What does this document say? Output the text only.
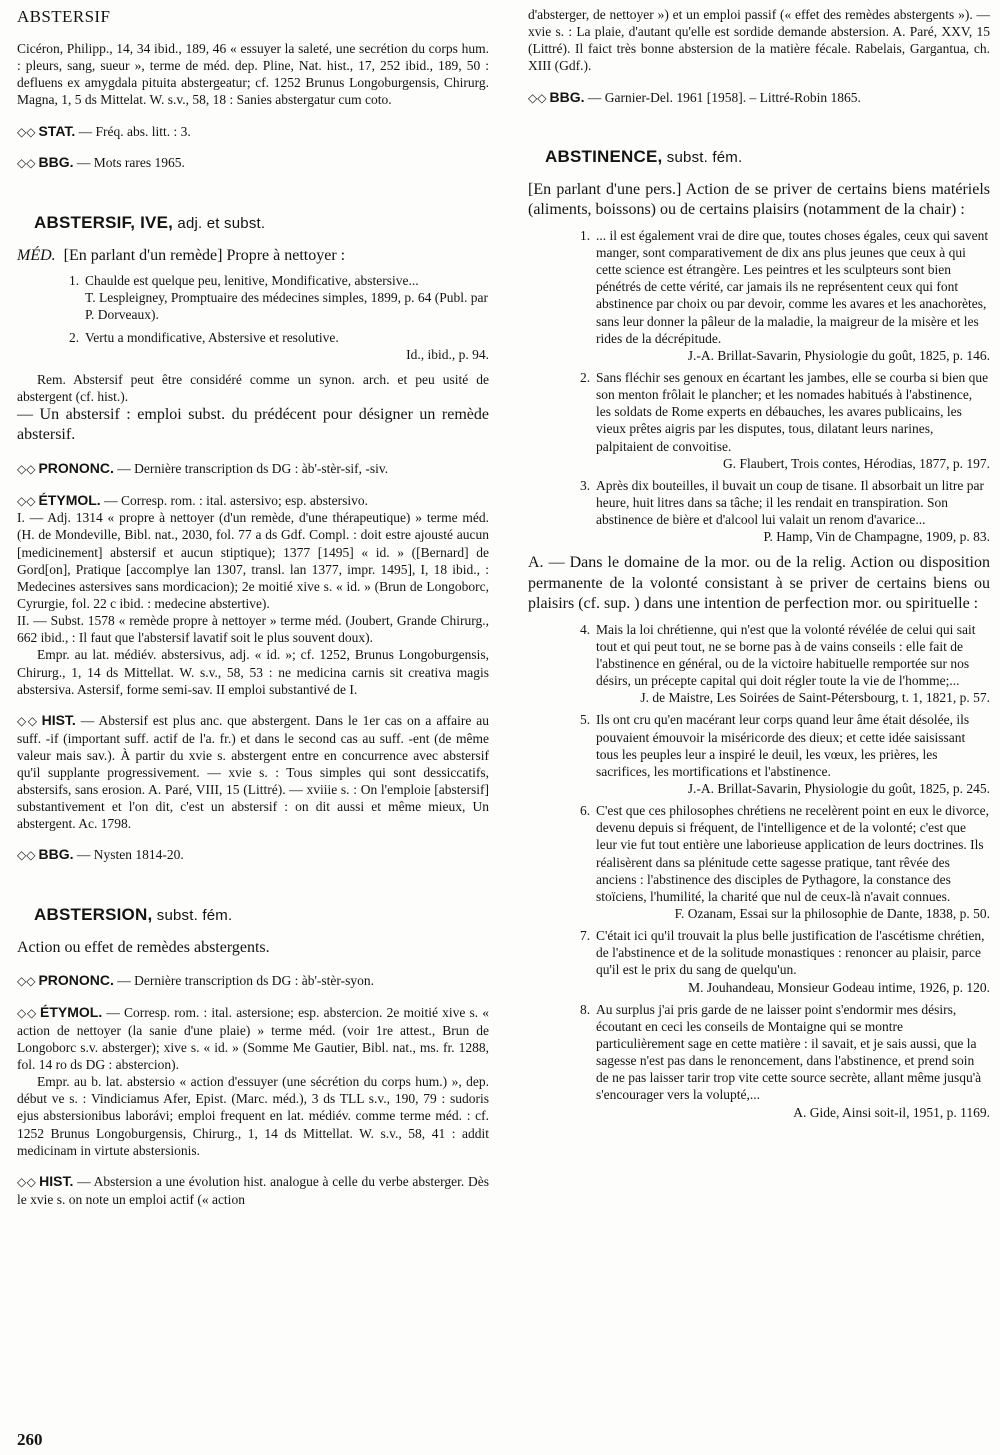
ABSTERSIF

Cicéron, Philipp., 14, 34 ibid., 189, 46 « essuyer la saleté, une secrétion du corps hum. : pleurs, sang, sueur », terme de méd. dep. Pline, Nat. hist., 17, 252 ibid., 189, 50 : defluens ex amygdala pituita abstergeatur; cf. 1252 Brunus Longoburgensis, Chirurg. Magna, 1, 5 ds Mittelat. W. s.v., 58, 18 : Sanies abstergatur cum coto.

◇◇ STAT. — Fréq. abs. litt. : 3.

◇◇ BBG. — Mots rares 1965.

ABSTERSIF, IVE, adj. et subst.

MÉD. [En parlant d'un remède] Propre à nettoyer :

1. Chaulde est quelque peu, lenitive, Mondificative, abstersive...
T. Lespleigney, Promptuaire des médecines simples, 1899, p. 64 (Publ. par P. Dorveaux).
2. Vertu a mondificative, Abstersive et resolutive.
Id., ibid., p. 94.

Rem. Abstersif peut être considéré comme un synon. arch. et peu usité de abstergent (cf. hist.).

— Un abstersif : emploi subst. du prédécent pour désigner un remède abstersif.

◇◇ PRONONC. — Dernière transcription ds DG : àb'-stèr-sif, -siv.

◇◇ ÉTYMOL. — Corresp. rom. : ital. astersivo; esp. abstersivo.

I. — Adj. 1314 « propre à nettoyer (d'un remède, d'une thérapeutique) » terme méd. (H. de Mondeville, Bibl. nat., 2030, fol. 77 a ds Gdf. Compl. : doit estre ajousté aucun [medicinement] abstersif et aucun stiptique); 1377 [1495] « id. » ([Bernard] de Gord[on], Pratique [accomplye lan 1307, transl. lan 1377, impr. 1495], I, 18 ibid., : Medecines astersives sans mordicacion); 2e moitié xive s. « id. » (Brun de Longoborc, Cyrurgie, fol. 22 c ibid. : medecine abstertive).

II. — Subst. 1578 « remède propre à nettoyer » terme méd. (Joubert, Grande Chirurg., 662 ibid., : Il faut que l'abstersif lavatif soit le plus souvent doux).

Empr. au lat. médiév. abstersivus, adj. « id. »; cf. 1252, Brunus Longoburgensis, Chirurg., 1, 14 ds Mittellat. W. s.v., 58, 53 : ne medicina carnis sit creativa magis abstersiva. Astersif, forme semi-sav. II emploi substantivé de I.

◇◇ HIST. — Abstersif est plus anc. que abstergent. Dans le 1er cas on a affaire au suff. -if (important suff. actif de l'a. fr.) et dans le second cas au suff. -ent (de même valeur mais sav.). À partir du xvie s. abstergent entre en concurrence avec abstersif qu'il supplante progressivement. — xvie s. : Tous simples qui sont dessiccatifs, abstersifs, sans erosion. A. Paré, VIII, 15 (Littré). — xviiie s. : On l'emploie [abstersif] substantivement et l'on dit, c'est un abstersif : on dit aussi et même mieux, Un abstergent. Ac. 1798.

◇◇ BBG. — Nysten 1814-20.

ABSTERSION, subst. fém.

Action ou effet de remèdes abstergents.

◇◇ PRONONC. — Dernière transcription ds DG : àb'-stèr-syon.

◇◇ ÉTYMOL. — Corresp. rom. : ital. astersione; esp. abstercion. 2e moitié xive s. « action de nettoyer (la sanie d'une plaie) » terme méd. (voir 1re attest., Brun de Longoborc s.v. absterger); xive s. « id. » (Somme Me Gautier, Bibl. nat., ms. fr. 1288, fol. 14 ro ds DG : abstercion).

Empr. au b. lat. abstersio « action d'essuyer (une sécrétion du corps hum.) », dep. début ve s. : Vindiciamus Afer, Epist. (Marc. méd.), 3 ds TLL s.v., 190, 79 : sudoris ejus abstersionibus laborávi; emploi frequent en lat. médiév. comme terme méd. : cf. 1252 Brunus Longoburgensis, Chirurg., 1, 14 ds Mittellat. W. s.v., 58, 41 : addit medicinam in virtute abstersionis.

◇◇ HIST. — Abstersion a une évolution hist. analogue à celle du verbe absterger. Dès le xvie s. on note un emploi actif (« action

d'absterger, de nettoyer ») et un emploi passif (« effet des remèdes abstergents »). — xvie s. : La plaie, d'autant qu'elle est sordide demande abstersion. A. Paré, XXV, 15 (Littré). Il faict très bonne abstersion de la matière fécale. Rabelais, Gargantua, ch. XIII (Gdf.).

◇◇ BBG. — Garnier-Del. 1961 [1958]. – Littré-Robin 1865.

ABSTINENCE, subst. fém.

[En parlant d'une pers.] Action de se priver de certains biens matériels (aliments, boissons) ou de certains plaisirs (notamment de la chair) :

1. ... il est également vrai de dire que, toutes choses égales, ceux qui savent manger, sont comparativement de dix ans plus jeunes que ceux à qui cette science est étrangère. Les peintres et les sculpteurs sont bien pénétrés de cette vérité, car jamais ils ne représentent ceux qui font abstinence par choix ou par devoir, comme les avares et les anachorètes, sans leur donner la pâleur de la maladie, la maigreur de la misère et les rides de la décrépitude.
J.-A. Brillat-Savarin, Physiologie du goût, 1825, p. 146.
2. Sans fléchir ses genoux en écartant les jambes, elle se courba si bien que son menton frôlait le plancher; et les nomades habitués à l'abstinence, les soldats de Rome experts en débauches, les avares publicains, les vieux prêtes aigris par les disputes, tous, dilatant leurs narines, palpitaient de convoitise.
G. Flaubert, Trois contes, Hérodias, 1877, p. 197.
3. Après dix bouteilles, il buvait un coup de tisane. Il absorbait un litre par heure, huit litres dans sa tâche; il les rendait en transpiration. Son abstinence de bière et d'alcool lui valait un renom d'avarice...
P. Hamp, Vin de Champagne, 1909, p. 83.

A. — Dans le domaine de la mor. ou de la relig. Action ou disposition permanente de la volonté consistant à se priver de certains biens ou plaisirs (cf. sup. ) dans une intention de perfection mor. ou spirituelle :

4. Mais la loi chrétienne, qui n'est que la volonté révélée de celui qui sait tout et qui peut tout, ne se borne pas à de vains conseils : elle fait de l'abstinence en général, ou de la victoire habituelle remportée sur nos désirs, un précepte capital qui doit régler toute la vie de l'homme;...
J. de Maistre, Les Soirées de Saint-Pétersbourg, t. 1, 1821, p. 57.
5. Ils ont cru qu'en macérant leur corps quand leur âme était désolée, ils pouvaient émouvoir la miséricorde des dieux; et cette idée saisissant tous les peuples leur a inspiré le deuil, les vœux, les prières, les sacrifices, les mortifications et l'abstinence.
J.-A. Brillat-Savarin, Physiologie du goût, 1825, p. 245.
6. C'est que ces philosophes chrétiens ne recelèrent point en eux le divorce, devenu depuis si fréquent, de l'intelligence et de la volonté; c'est que leur vie fut tout entière une laborieuse application de leurs doctrines. Ils réalisèrent dans sa plénitude cette sagesse pratique, tant rêvée des anciens : l'abstinence des disciples de Pythagore, la constance des stoïciens, l'humilité, la charité que nul de ceux-là n'avait connues.
F. Ozanam, Essai sur la philosophie de Dante, 1838, p. 50.
7. C'était ici qu'il trouvait la plus belle justification de l'ascétisme chrétien, de l'abstinence et de la solitude monastiques : renoncer au plaisir, parce qu'il est le prix du sang de quelqu'un.
M. Jouhandeau, Monsieur Godeau intime, 1926, p. 120.
8. Au surplus j'ai pris garde de ne laisser point s'endormir mes désirs, écoutant en ceci les conseils de Montaigne qui se montre particulièrement sage en cette matière : il savait, et je sais aussi, que la sagesse n'est pas dans le renoncement, dans l'abstinence, et prend soin de ne pas laisser tarir trop vite cette source secrète, allant même jusqu'à s'encourager vers la volupté,...
A. Gide, Ainsi soit-il, 1951, p. 1169.
260
